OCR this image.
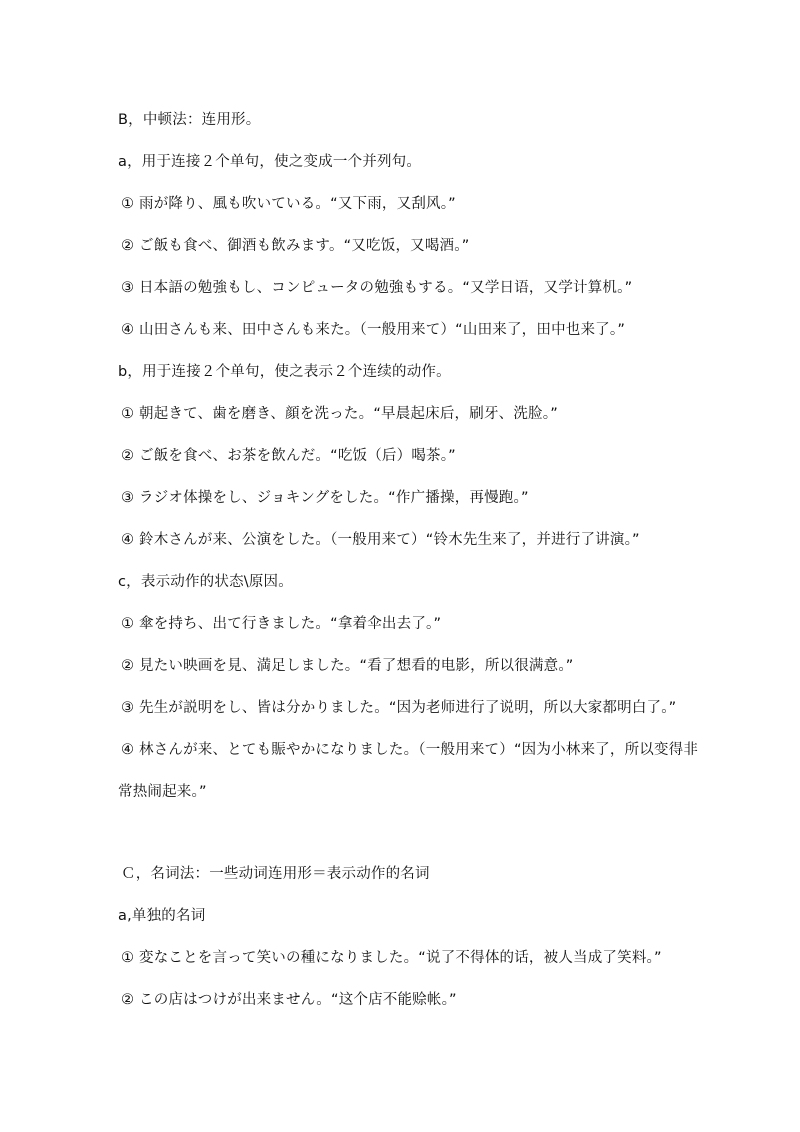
B，中顿法：连用形。
a，用于连接２个单句，使之变成一个并列句。
① 雨が降り、風も吹いている。“又下雨，又刮风。”
② ご飯も食べ、御酒も飲みます。“又吃饭，又喝酒。”
③ 日本語の勉強もし、コンピュータの勉強もする。“又学日语，又学计算机。”
④ 山田さんも来、田中さんも来た。（一般用来て）“山田来了，田中也来了。”
b，用于连接２个单句，使之表示２个连续的动作。
① 朝起きて、歯を磨き、顔を洗った。“早晨起床后，刷牙、洗脸。”
② ご飯を食べ、お茶を飲んだ。“吃饭（后）喝茶。”
③ ラジオ体操をし、ジョキングをした。“作广播操，再慢跑。”
④ 鈴木さんが来、公演をした。（一般用来て）“铃木先生来了，并进行了讲演。”
c，表示动作的状态\原因。
① 傘を持ち、出て行きました。“拿着伞出去了。”
② 見たい映画を見、満足しました。“看了想看的电影，所以很满意。”
③ 先生が説明をし、皆は分かりました。“因为老师进行了说明，所以大家都明白了。”
④ 林さんが来、とても賑やかになりました。（一般用来て）“因为小林来了，所以变得非
常热闹起来。”
Ｃ，名词法：一些动词连用形＝表示动作的名词
a,单独的名词
① 変なことを言って笑いの種になりました。“说了不得体的话，被人当成了笑料。”
② この店はつけが出来ません。“这个店不能赊帐。”
